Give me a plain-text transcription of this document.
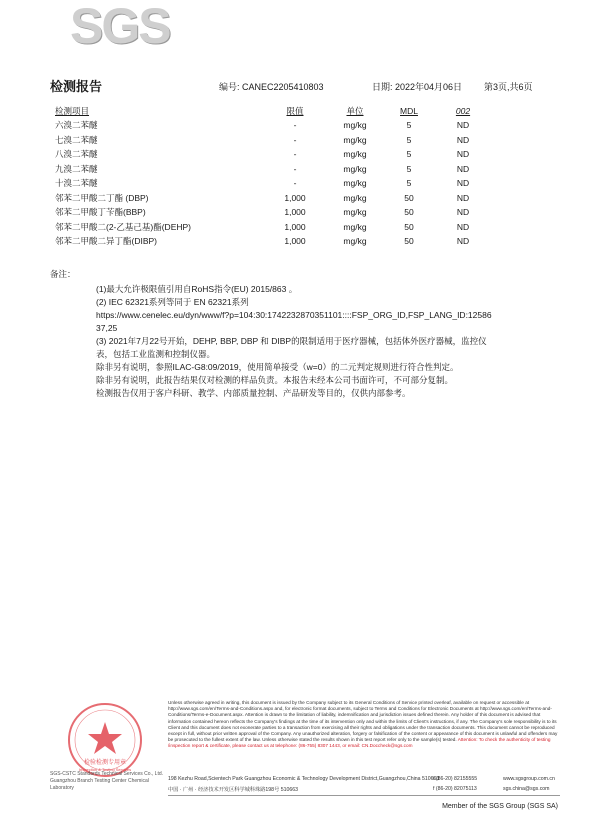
SGS
检测报告	编号: CANEC2205410803	日期: 2022年04月06日 第3页,共6页
检测项目	限值	单位	MDL	002
六溴二苯醚	-	mg/kg	5	ND
七溴二苯醚	-	mg/kg	5	ND
八溴二苯醚	-	mg/kg	5	ND
九溴二苯醚	-	mg/kg	5	ND
十溴二苯醚	-	mg/kg	5	ND
邻苯二甲酸二丁酯 (DBP)	1,000	mg/kg	50	ND
邻苯二甲酸丁苄酯(BBP)	1,000	mg/kg	50	ND
邻苯二甲酸二(2-乙基己基)酯(DEHP)	1,000	mg/kg	50	ND
邻苯二甲酸二异丁酯(DIBP)	1,000	mg/kg	50	ND
备注：
(1)最大允许极限值引用自RoHS指令(EU) 2015/863 。
(2) IEC 62321系列等同于 EN 62321系列
https://www.cenelec.eu/dyn/www/f?p=104:30:1742232870351101::::FSP_ORG_ID,FSP_LANG_ID:12586
37,25
(3) 2021年7月22号开始，DEHP, BBP, DBP 和 DIBP的限制适用于医疗器械，包括体外医疗器械，监控仪
表，包括工业监测和控制仪器。
除非另有说明，参照ILAC-G8:09/2019，使用简单接受（w=0）的二元判定规则进行符合性判定。
除非另有说明，此报告结果仅对检测的样品负责。本报告未经本公司书面许可，不可部分复制。
检测报告仅用于客户科研、教学、内部质量控制、产品研发等目的，仅供内部参考。
检验检测专用章
Inspection & Testing Services
Unless otherwise agreed in writing, this document is issued by the Company subject to its General Conditions of Service printed overleaf, available on request or accessible at http://www.sgs.com/en/Terms-and-Conditions.aspx and, for electronic format documents, subject to Terms and Conditions for Electronic Documents at http://www.sgs.com/en/Terms-and-Conditions/Terms-e-Document.aspx. Attention is drawn to the limitation of liability, indemnification and jurisdiction issues defined therein. Any holder of this document is advised that information contained hereon reflects the Company's findings at the time of its intervention only and within the limits of Client's instructions, if any. The Company's sole responsibility is to its Client and this document does not exonerate parties to a transaction from exercising all their rights and obligations under the transaction documents. This document cannot be reproduced except in full, without prior written approval of the Company. Any unauthorized alteration, forgery or falsification of the content or appearance of this document is unlawful and offenders may be prosecuted to the fullest extent of the law. Unless otherwise stated the results shown in this test report refer only to the sample(s) tested. Attention: To check the authenticity of testing /inspection report & certificate, please contact us at telephone: (86-755) 8307 1443, or email: CN.Doccheck@sgs.com
SGS-CSTC Standards Technical Services Co., Ltd. Guangzhou Branch Testing Center Chemical Laboratory
198 Kezhu Road,Scientech Park Guangzhou Economic & Technology Development District,Guangzhou,China 510663
t (86-20) 82155555	www.sgsgroup.com.cn
中国 · 广州 · 经济技术开发区科学城科珠路198号 510663	f (86-20) 82075113	sgs.china@sgs.com
Member of the SGS Group (SGS SA)
